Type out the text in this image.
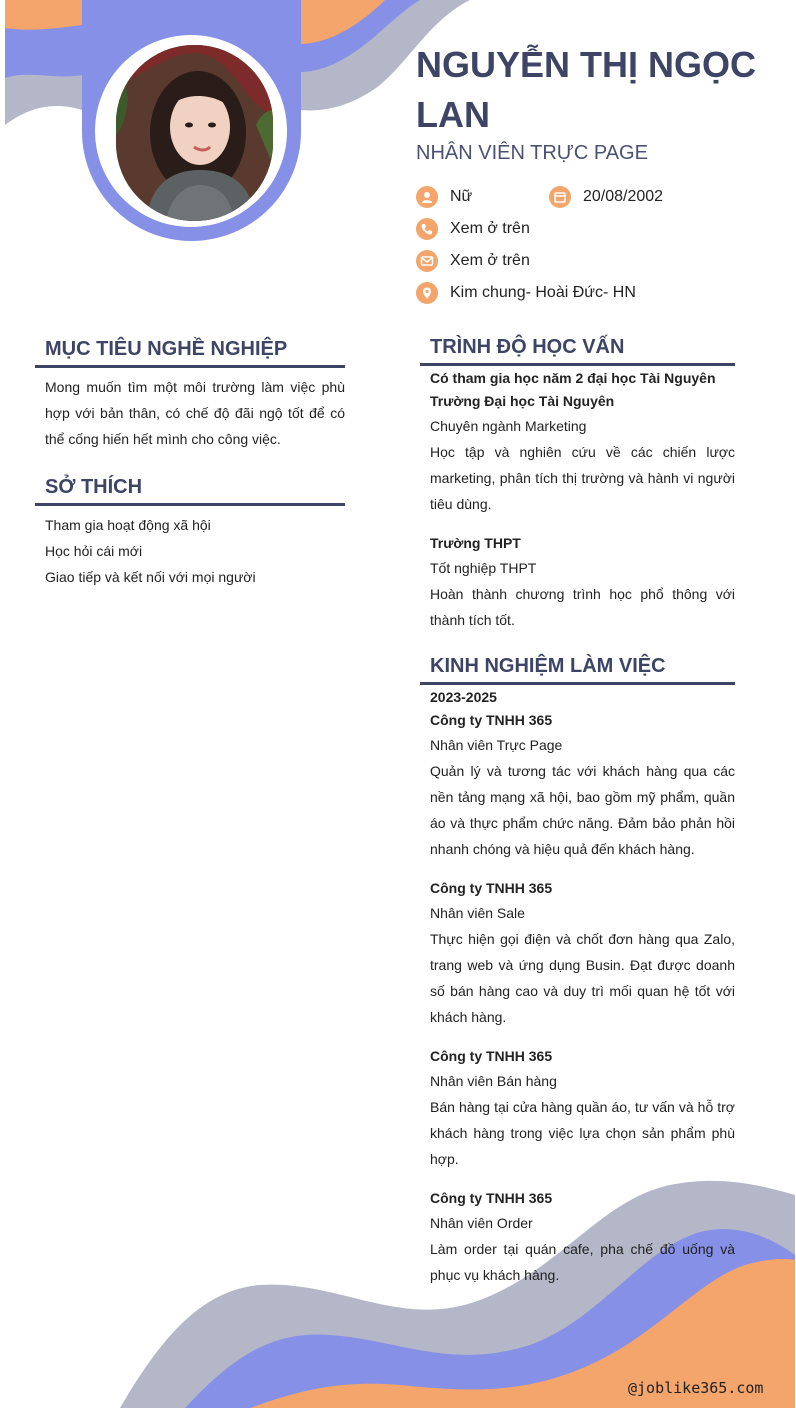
NGUYỄN THỊ NGỌC LAN
NHÂN VIÊN TRỰC PAGE
Nữ	20/08/2002
Xem ở trên
Xem ở trên
Kim chung- Hoài Đức- HN
MỤC TIÊU NGHỀ NGHIỆP
Mong muốn tìm một môi trường làm việc phù hợp với bản thân, có chế độ đãi ngộ tốt để có thể cống hiến hết mình cho công việc.
SỞ THÍCH
Tham gia hoạt động xã hội
Học hỏi cái mới
Giao tiếp và kết nối với mọi người
TRÌNH ĐỘ HỌC VẤN
Có tham gia học năm 2 đại học Tài Nguyên
Trường Đại học Tài Nguyên
Chuyên ngành Marketing
Học tập và nghiên cứu về các chiến lược marketing, phân tích thị trường và hành vi người tiêu dùng.
Trường THPT
Tốt nghiệp THPT
Hoàn thành chương trình học phổ thông với thành tích tốt.
KINH NGHIỆM LÀM VIỆC
2023-2025
Công ty TNHH 365
Nhân viên Trực Page
Quản lý và tương tác với khách hàng qua các nền tảng mạng xã hội, bao gồm mỹ phẩm, quần áo và thực phẩm chức năng. Đảm bảo phản hồi nhanh chóng và hiệu quả đến khách hàng.
Công ty TNHH 365
Nhân viên Sale
Thực hiện gọi điện và chốt đơn hàng qua Zalo, trang web và ứng dụng Busin. Đạt được doanh số bán hàng cao và duy trì mối quan hệ tốt với khách hàng.
Công ty TNHH 365
Nhân viên Bán hàng
Bán hàng tại cửa hàng quần áo, tư vấn và hỗ trợ khách hàng trong việc lựa chọn sản phẩm phù hợp.
Công ty TNHH 365
Nhân viên Order
Làm order tại quán cafe, pha chế đồ uống và phục vụ khách hàng.
@joblike365.com
